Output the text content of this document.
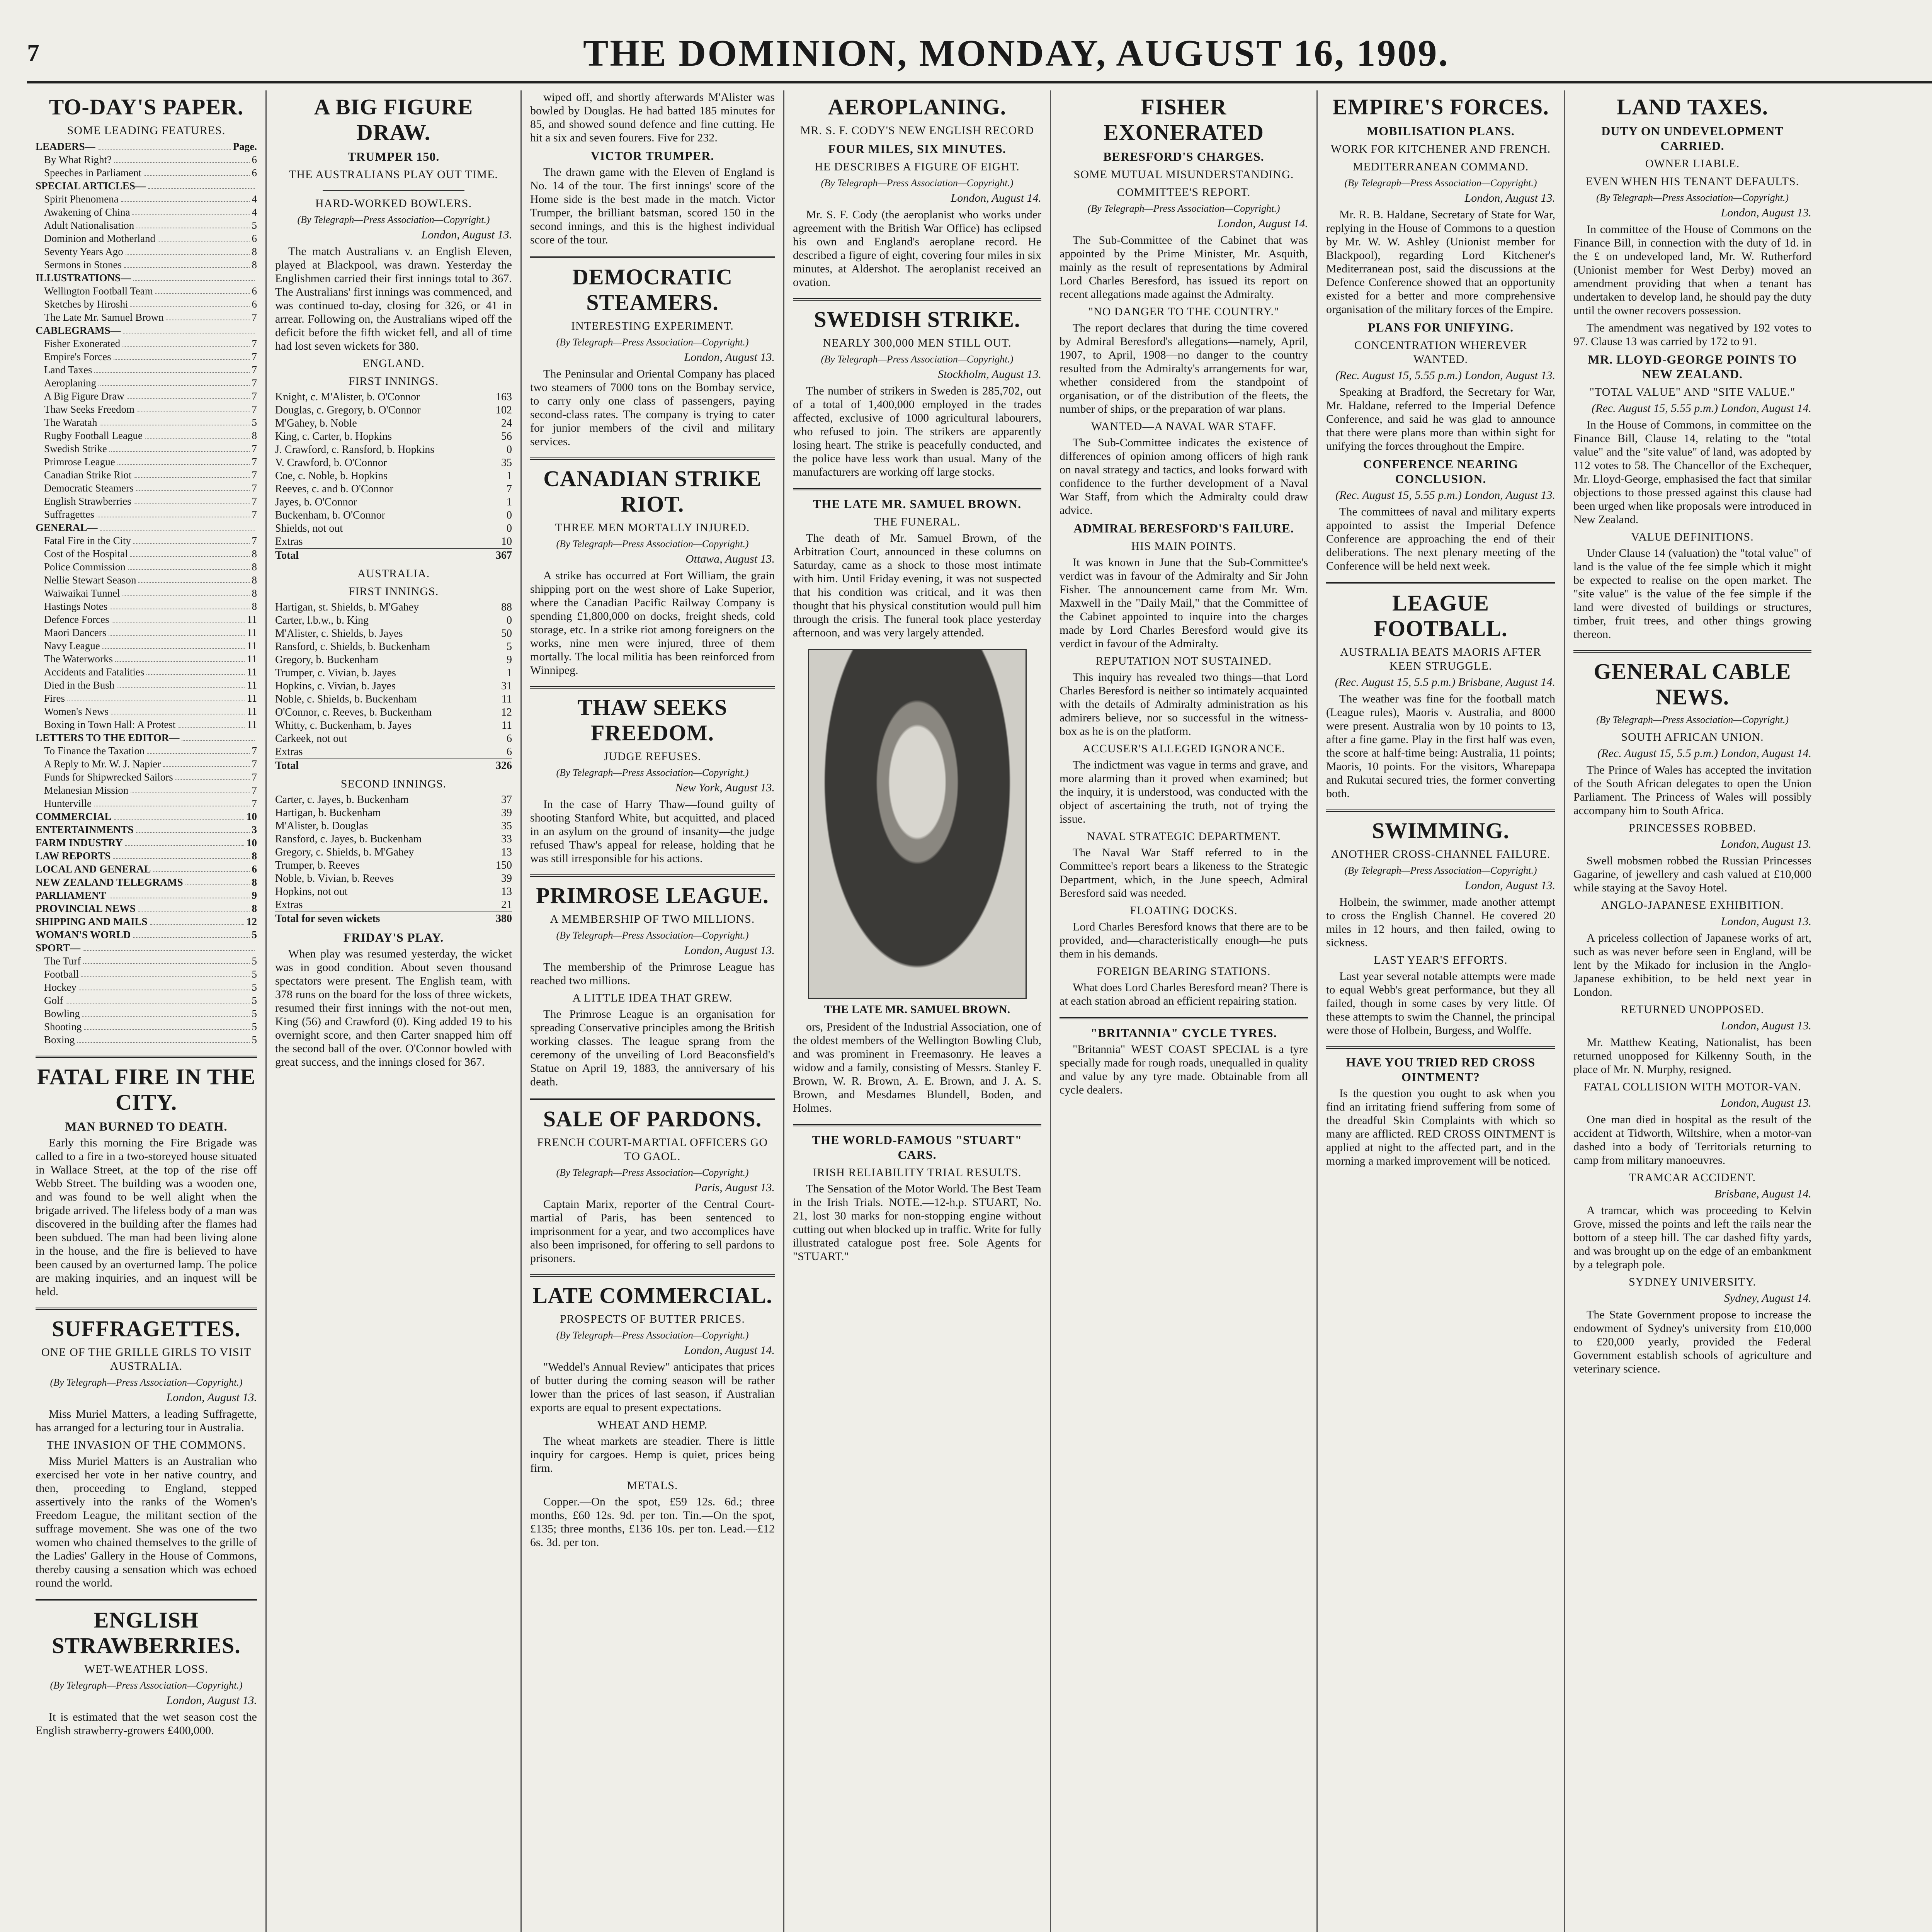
7	THE DOMINION, MONDAY, AUGUST 16, 1909.
TO-DAY'S PAPER.
SOME LEADING FEATURES.
LEADERS—	Page.
By What Right?	6
Speeches in Parliament	6
SPECIAL ARTICLES—
Spirit Phenomena	4
Awakening of China	4
Adult Nationalisation	5
Dominion and Motherland	6
Seventy Years Ago	8
Sermons in Stones	8
ILLUSTRATIONS—
Wellington Football Team	6
Sketches by Hiroshi	6
The Late Mr. Samuel Brown	7
CABLEGRAMS—
Fisher Exonerated	7
Empire's Forces	7
Land Taxes	7
Aeroplaning	7
A Big Figure Draw	7
Thaw Seeks Freedom	7
The Waratah	5
Rugby Football League	8
Swedish Strike	7
Primrose League	7
Canadian Strike Riot	7
Democratic Steamers	7
English Strawberries	7
Suffragettes	7
GENERAL—
Fatal Fire in the City	7
Cost of the Hospital	8
Police Commission	8
Nellie Stewart Season	8
Waiwaikai Tunnel	8
Hastings Notes	8
Defence Forces	11
Maori Dancers	11
Navy League	11
The Waterworks	11
Accidents and Fatalities	11
Died in the Bush	11
Fires	11
Women's News	11
Boxing in Town Hall: A Protest	11
LETTERS TO THE EDITOR—
To Finance the Taxation	7
A Reply to Mr. W. J. Napier	7
Funds for Shipwrecked Sailors	7
Melanesian Mission	7
Hunterville	7
COMMERCIAL	10
ENTERTAINMENTS	3
FARM INDUSTRY	10
LAW REPORTS	8
LOCAL AND GENERAL	6
NEW ZEALAND TELEGRAMS	8
PARLIAMENT	9
PROVINCIAL NEWS	8
SHIPPING AND MAILS	12
WOMAN'S WORLD	5
SPORT—
The Turf	5
Football	5
Hockey	5
Golf	5
Bowling	5
Shooting	5
Boxing	5
FATAL FIRE IN THE CITY.
MAN BURNED TO DEATH.

Early this morning the Fire Brigade was called to a fire in a two-storeyed house situated in Wallace Street, at the top of the rise off Webb Street. The building was a wooden one, and was found to be well alight when the brigade arrived. The lifeless body of a man was discovered in the building after the flames had been subdued. The man had been living alone in the house, and the fire is believed to have been caused by an overturned lamp. The police are making inquiries, and an inquest will be held.

SUFFRAGETTES.
ONE OF THE GRILLE GIRLS TO VISIT AUSTRALIA.
(By Telegraph—Press Association—Copyright.)
London, August 13.

Miss Muriel Matters, a leading Suffragette, has arranged for a lecturing tour in Australia.

THE INVASION OF THE COMMONS.

Miss Muriel Matters is an Australian who exercised her vote in her native country, and then, proceeding to England, stepped assertively into the ranks of the Women's Freedom League, the militant section of the suffrage movement. She was one of the two women who chained themselves to the grille of the Ladies' Gallery in the House of Commons, thereby causing a sensation which was echoed round the world.

ENGLISH STRAWBERRIES.
WET-WEATHER LOSS.
(By Telegraph—Press Association—Copyright.)
London, August 13.

It is estimated that the wet season cost the English strawberry-growers £400,000.

A BIG FIGURE DRAW.
TRUMPER 150.
THE AUSTRALIANS PLAY OUT TIME.
HARD-WORKED BOWLERS.
(By Telegraph—Press Association—Copyright.)
London, August 13.

The match Australians v. an English Eleven, played at Blackpool, was drawn. Yesterday the Englishmen carried their first innings total to 367. The Australians' first innings was commenced, and was continued to-day, closing for 326, or 41 in arrear. Following on, the Australians wiped off the deficit before the fifth wicket fell, and all of time had lost seven wickets for 380.

ENGLAND.
FIRST INNINGS.
Knight, c. M'Alister, b. O'Connor	163
Douglas, c. Gregory, b. O'Connor	102
M'Gahey, b. Noble	24
King, c. Carter, b. Hopkins	56
J. Crawford, c. Ransford, b. Hopkins	0
V. Crawford, b. O'Connor	35
Coe, c. Noble, b. Hopkins	1
Reeves, c. and b. O'Connor	7
Jayes, b. O'Connor	1
Buckenham, b. O'Connor	0
Shields, not out	0
Extras	10
Total	367
AUSTRALIA.
FIRST INNINGS.
Hartigan, st. Shields, b. M'Gahey	88
Carter, l.b.w., b. King	0
M'Alister, c. Shields, b. Jayes	50
Ransford, c. Shields, b. Buckenham	5
Gregory, b. Buckenham	9
Trumper, c. Vivian, b. Jayes	1
Hopkins, c. Vivian, b. Jayes	31
Noble, c. Shields, b. Buckenham	11
O'Connor, c. Reeves, b. Buckenham	12
Whitty, c. Buckenham, b. Jayes	11
Carkeek, not out	6
Extras	6
Total	326
SECOND INNINGS.
Carter, c. Jayes, b. Buckenham	37
Hartigan, b. Buckenham	39
M'Alister, b. Douglas	35
Ransford, c. Jayes, b. Buckenham	33
Gregory, c. Shields, b. M'Gahey	13
Trumper, b. Reeves	150
Noble, b. Vivian, b. Reeves	39
Hopkins, not out	13
Extras	21
Total for seven wickets	380
FRIDAY'S PLAY.

When play was resumed yesterday, the wicket was in good condition. About seven thousand spectators were present. The English team, with 378 runs on the board for the loss of three wickets, resumed their first innings with the not-out men, King (56) and Crawford (0). King added 19 to his overnight score, and then Carter snapped him off the second ball of the over. O'Connor bowled with great success, and the innings closed for 367.

wiped off, and shortly afterwards M'Alister was bowled by Douglas. He had batted 185 minutes for 85, and showed sound defence and fine cutting. He hit a six and seven fourers. Five for 232.

VICTOR TRUMPER.

The drawn game with the Eleven of England is No. 14 of the tour. The first innings' score of the Home side is the best made in the match. Victor Trumper, the brilliant batsman, scored 150 in the second innings, and this is the highest individual score of the tour.

DEMOCRATIC STEAMERS.
INTERESTING EXPERIMENT.
(By Telegraph—Press Association—Copyright.)
London, August 13.

The Peninsular and Oriental Company has placed two steamers of 7000 tons on the Bombay service, to carry only one class of passengers, paying second-class rates. The company is trying to cater for junior members of the civil and military services.

CANADIAN STRIKE RIOT.
THREE MEN MORTALLY INJURED.
(By Telegraph—Press Association—Copyright.)
Ottawa, August 13.

A strike has occurred at Fort William, the grain shipping port on the west shore of Lake Superior, where the Canadian Pacific Railway Company is spending £1,800,000 on docks, freight sheds, cold storage, etc. In a strike riot among foreigners on the works, nine men were injured, three of them mortally. The local militia has been reinforced from Winnipeg.

THAW SEEKS FREEDOM.
JUDGE REFUSES.
(By Telegraph—Press Association—Copyright.)
New York, August 13.

In the case of Harry Thaw—found guilty of shooting Stanford White, but acquitted, and placed in an asylum on the ground of insanity—the judge refused Thaw's appeal for release, holding that he was still irresponsible for his actions.

PRIMROSE LEAGUE.
A MEMBERSHIP OF TWO MILLIONS.
(By Telegraph—Press Association—Copyright.)
London, August 13.

The membership of the Primrose League has reached two millions.

A LITTLE IDEA THAT GREW.

The Primrose League is an organisation for spreading Conservative principles among the British working classes. The league sprang from the ceremony of the unveiling of Lord Beaconsfield's Statue on April 19, 1883, the anniversary of his death.

SALE OF PARDONS.
FRENCH COURT-MARTIAL OFFICERS GO TO GAOL.
(By Telegraph—Press Association—Copyright.)
Paris, August 13.

Captain Marix, reporter of the Central Court-martial of Paris, has been sentenced to imprisonment for a year, and two accomplices have also been imprisoned, for offering to sell pardons to prisoners.

LATE COMMERCIAL.
PROSPECTS OF BUTTER PRICES.
(By Telegraph—Press Association—Copyright.)
London, August 14.

"Weddel's Annual Review" anticipates that prices of butter during the coming season will be rather lower than the prices of last season, if Australian exports are equal to present expectations.

WHEAT AND HEMP.

The wheat markets are steadier. There is little inquiry for cargoes. Hemp is quiet, prices being firm.

METALS.

Copper.—On the spot, £59 12s. 6d.; three months, £60 12s. 9d. per ton. Tin.—On the spot, £135; three months, £136 10s. per ton. Lead.—£12 6s. 3d. per ton.

AEROPLANING.
MR. S. F. CODY'S NEW ENGLISH RECORD
FOUR MILES, SIX MINUTES.
HE DESCRIBES A FIGURE OF EIGHT.
(By Telegraph—Press Association—Copyright.)
London, August 14.

Mr. S. F. Cody (the aeroplanist who works under agreement with the British War Office) has eclipsed his own and England's aeroplane record. He described a figure of eight, covering four miles in six minutes, at Aldershot. The aeroplanist received an ovation.

SWEDISH STRIKE.
NEARLY 300,000 MEN STILL OUT.
(By Telegraph—Press Association—Copyright.)
Stockholm, August 13.

The number of strikers in Sweden is 285,702, out of a total of 1,400,000 employed in the trades affected, exclusive of 1000 agricultural labourers, who refused to join. The strikers are apparently losing heart. The strike is peacefully conducted, and the police have less work than usual. Many of the manufacturers are working off large stocks.

THE LATE MR. SAMUEL BROWN.
THE FUNERAL.

The death of Mr. Samuel Brown, of the Arbitration Court, announced in these columns on Saturday, came as a shock to those most intimate with him. Until Friday evening, it was not suspected that his condition was critical, and it was then thought that his physical constitution would pull him through the crisis. The funeral took place yesterday afternoon, and was very largely attended.

THE LATE MR. SAMUEL BROWN.

ors, President of the Industrial Association, one of the oldest members of the Wellington Bowling Club, and was prominent in Freemasonry. He leaves a widow and a family, consisting of Messrs. Stanley F. Brown, W. R. Brown, A. E. Brown, and J. A. S. Brown, and Mesdames Blundell, Boden, and Holmes.

THE WORLD-FAMOUS "STUART" CARS.
IRISH RELIABILITY TRIAL RESULTS.

The Sensation of the Motor World. The Best Team in the Irish Trials. NOTE.—12-h.p. STUART, No. 21, lost 30 marks for non-stopping engine without cutting out when blocked up in traffic. Write for fully illustrated catalogue post free. Sole Agents for "STUART."

FISHER EXONERATED
BERESFORD'S CHARGES.
SOME MUTUAL MISUNDERSTANDING.
COMMITTEE'S REPORT.
(By Telegraph—Press Association—Copyright.)
London, August 14.

The Sub-Committee of the Cabinet that was appointed by the Prime Minister, Mr. Asquith, mainly as the result of representations by Admiral Lord Charles Beresford, has issued its report on recent allegations made against the Admiralty.

"NO DANGER TO THE COUNTRY."

The report declares that during the time covered by Admiral Beresford's allegations—namely, April, 1907, to April, 1908—no danger to the country resulted from the Admiralty's arrangements for war, whether considered from the standpoint of organisation, or of the distribution of the fleets, the number of ships, or the preparation of war plans.

WANTED—A NAVAL WAR STAFF.

The Sub-Committee indicates the existence of differences of opinion among officers of high rank on naval strategy and tactics, and looks forward with confidence to the further development of a Naval War Staff, from which the Admiralty could draw advice.

ADMIRAL BERESFORD'S FAILURE.
HIS MAIN POINTS.

It was known in June that the Sub-Committee's verdict was in favour of the Admiralty and Sir John Fisher. The announcement came from Mr. Wm. Maxwell in the "Daily Mail," that the Committee of the Cabinet appointed to inquire into the charges made by Lord Charles Beresford would give its verdict in favour of the Admiralty.

REPUTATION NOT SUSTAINED.

This inquiry has revealed two things—that Lord Charles Beresford is neither so intimately acquainted with the details of Admiralty administration as his admirers believe, nor so successful in the witness-box as he is on the platform.

ACCUSER'S ALLEGED IGNORANCE.

The indictment was vague in terms and grave, and more alarming than it proved when examined; but the inquiry, it is understood, was conducted with the object of ascertaining the truth, not of trying the issue.

NAVAL STRATEGIC DEPARTMENT.

The Naval War Staff referred to in the Committee's report bears a likeness to the Strategic Department, which, in the June speech, Admiral Beresford said was needed.

FLOATING DOCKS.

Lord Charles Beresford knows that there are to be provided, and—characteristically enough—he puts them in his demands.

FOREIGN BEARING STATIONS.

What does Lord Charles Beresford mean? There is at each station abroad an efficient repairing station.

"BRITANNIA" CYCLE TYRES.

"Britannia" WEST COAST SPECIAL is a tyre specially made for rough roads, unequalled in quality and value by any tyre made. Obtainable from all cycle dealers.

EMPIRE'S FORCES.
MOBILISATION PLANS.
WORK FOR KITCHENER AND FRENCH.
MEDITERRANEAN COMMAND.
(By Telegraph—Press Association—Copyright.)
London, August 13.

Mr. R. B. Haldane, Secretary of State for War, replying in the House of Commons to a question by Mr. W. W. Ashley (Unionist member for Blackpool), regarding Lord Kitchener's Mediterranean post, said the discussions at the Defence Conference showed that an opportunity existed for a better and more comprehensive organisation of the military forces of the Empire.

PLANS FOR UNIFYING.
CONCENTRATION WHEREVER WANTED.
(Rec. August 15, 5.55 p.m.) London, August 13.

Speaking at Bradford, the Secretary for War, Mr. Haldane, referred to the Imperial Defence Conference, and said he was glad to announce that there were plans more than within sight for unifying the forces throughout the Empire.

CONFERENCE NEARING CONCLUSION.
(Rec. August 15, 5.55 p.m.) London, August 13.

The committees of naval and military experts appointed to assist the Imperial Defence Conference are approaching the end of their deliberations. The next plenary meeting of the Conference will be held next week.

LEAGUE FOOTBALL.
AUSTRALIA BEATS MAORIS AFTER KEEN STRUGGLE.
(Rec. August 15, 5.5 p.m.) Brisbane, August 14.

The weather was fine for the football match (League rules), Maoris v. Australia, and 8000 were present. Australia won by 10 points to 13, after a fine game. Play in the first half was even, the score at half-time being: Australia, 11 points; Maoris, 10 points. For the visitors, Wharepapa and Rukutai secured tries, the former converting both.

SWIMMING.
ANOTHER CROSS-CHANNEL FAILURE.
(By Telegraph—Press Association—Copyright.)
London, August 13.

Holbein, the swimmer, made another attempt to cross the English Channel. He covered 20 miles in 12 hours, and then failed, owing to sickness.

LAST YEAR'S EFFORTS.

Last year several notable attempts were made to equal Webb's great performance, but they all failed, though in some cases by very little. Of these attempts to swim the Channel, the principal were those of Holbein, Burgess, and Wolffe.

HAVE YOU TRIED RED CROSS OINTMENT?

Is the question you ought to ask when you find an irritating friend suffering from some of the dreadful Skin Complaints with which so many are afflicted. RED CROSS OINTMENT is applied at night to the affected part, and in the morning a marked improvement will be noticed.

LAND TAXES.
DUTY ON UNDEVELOPMENT CARRIED.
OWNER LIABLE.
EVEN WHEN HIS TENANT DEFAULTS.
(By Telegraph—Press Association—Copyright.)
London, August 13.

In committee of the House of Commons on the Finance Bill, in connection with the duty of 1d. in the £ on undeveloped land, Mr. W. Rutherford (Unionist member for West Derby) moved an amendment providing that when a tenant has undertaken to develop land, he should pay the duty until the owner recovers possession.

The amendment was negatived by 192 votes to 97. Clause 13 was carried by 172 to 91.

MR. LLOYD-GEORGE POINTS TO NEW ZEALAND.
"TOTAL VALUE" AND "SITE VALUE."
(Rec. August 15, 5.55 p.m.) London, August 14.

In the House of Commons, in committee on the Finance Bill, Clause 14, relating to the "total value" and the "site value" of land, was adopted by 112 votes to 58. The Chancellor of the Exchequer, Mr. Lloyd-George, emphasised the fact that similar objections to those pressed against this clause had been urged when like proposals were introduced in New Zealand.

VALUE DEFINITIONS.

Under Clause 14 (valuation) the "total value" of land is the value of the fee simple which it might be expected to realise on the open market. The "site value" is the value of the fee simple if the land were divested of buildings or structures, timber, fruit trees, and other things growing thereon.

GENERAL CABLE NEWS.
(By Telegraph—Press Association—Copyright.)
SOUTH AFRICAN UNION.
(Rec. August 15, 5.5 p.m.) London, August 14.

The Prince of Wales has accepted the invitation of the South African delegates to open the Union Parliament. The Princess of Wales will possibly accompany him to South Africa.

PRINCESSES ROBBED.
London, August 13.

Swell mobsmen robbed the Russian Princesses Gagarine, of jewellery and cash valued at £10,000 while staying at the Savoy Hotel.

ANGLO-JAPANESE EXHIBITION.
London, August 13.

A priceless collection of Japanese works of art, such as was never before seen in England, will be lent by the Mikado for inclusion in the Anglo-Japanese exhibition, to be held next year in London.

RETURNED UNOPPOSED.
London, August 13.

Mr. Matthew Keating, Nationalist, has been returned unopposed for Kilkenny South, in the place of Mr. N. Murphy, resigned.

FATAL COLLISION WITH MOTOR-VAN.
London, August 13.

One man died in hospital as the result of the accident at Tidworth, Wiltshire, when a motor-van dashed into a body of Territorials returning to camp from military manoeuvres.

TRAMCAR ACCIDENT.
Brisbane, August 14.

A tramcar, which was proceeding to Kelvin Grove, missed the points and left the rails near the bottom of a steep hill. The car dashed fifty yards, and was brought up on the edge of an embankment by a telegraph pole.

SYDNEY UNIVERSITY.
Sydney, August 14.

The State Government propose to increase the endowment of Sydney's university from £10,000 to £20,000 yearly, provided the Federal Government establish schools of agriculture and veterinary science.
